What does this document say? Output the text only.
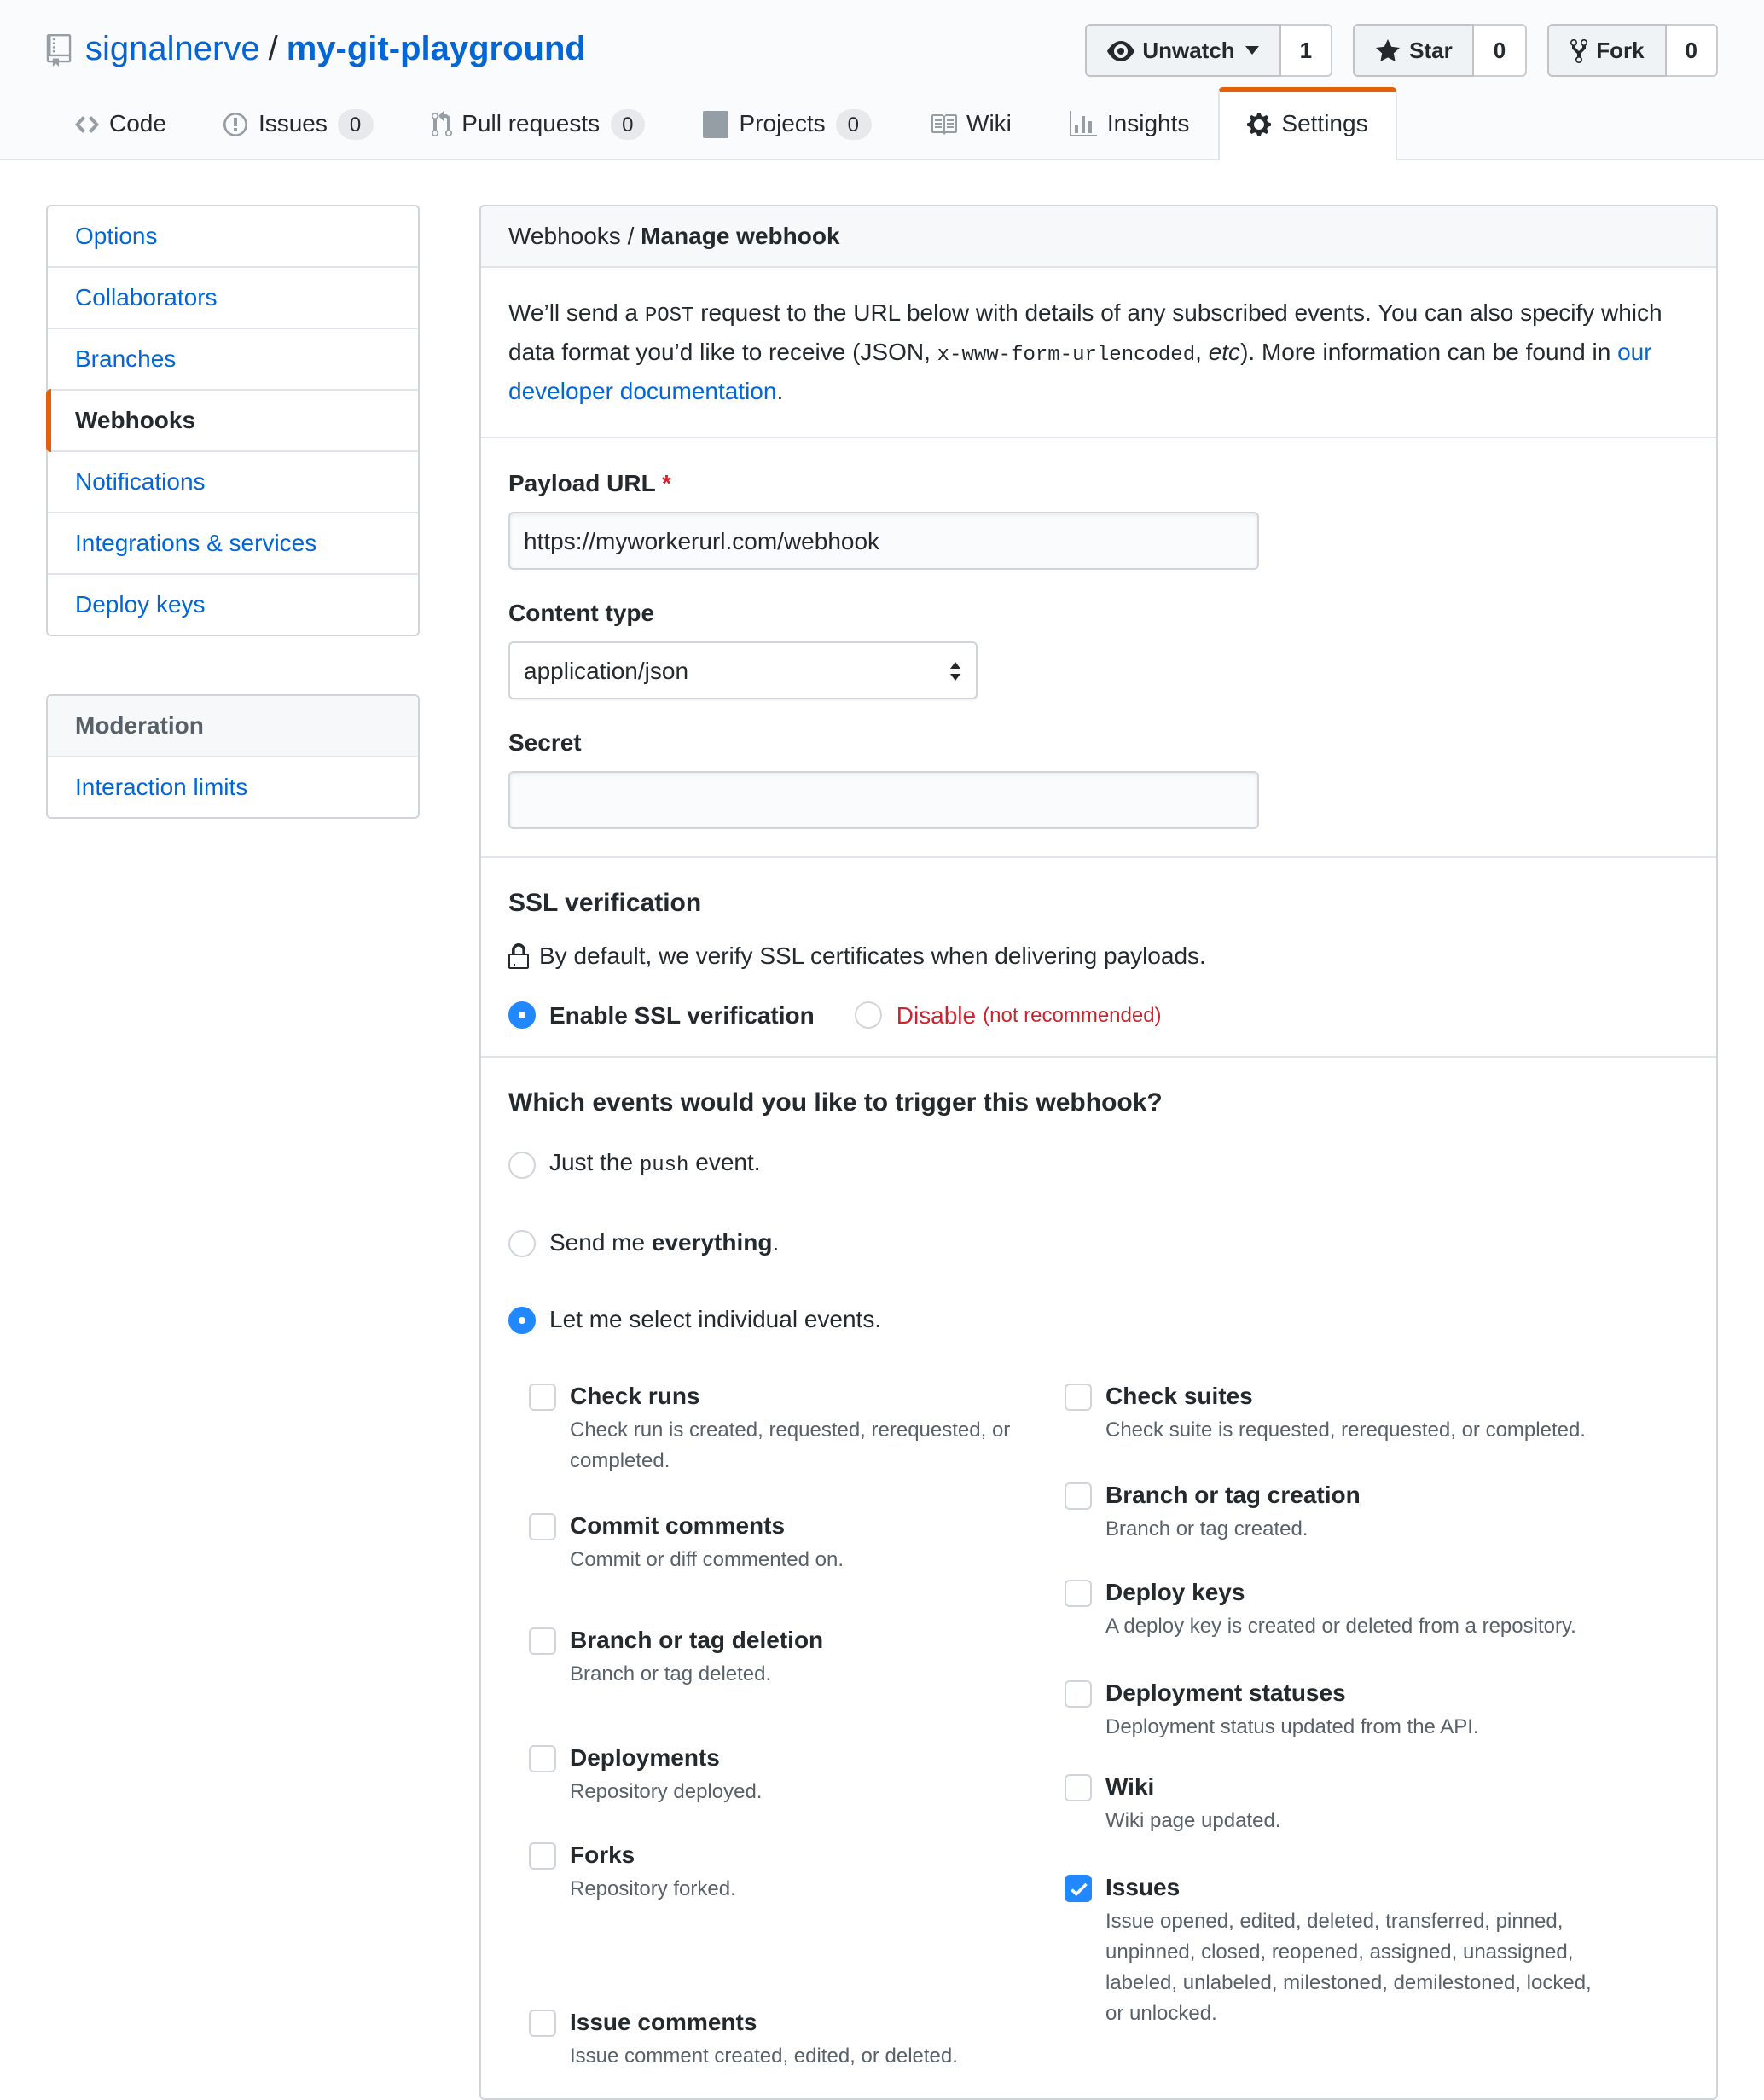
signalnerve / my-git-playground	Unwatch	1	Star	0	Fork	0
Code	Issues	0	Pull requests	0	Projects	0	Wiki	Insights	Settings
Options
Collaborators
Branches
Webhooks
Notifications
Integrations & services
Deploy keys
Moderation
Interaction limits
Webhooks / Manage webhook

We’ll send a POST request to the URL below with details of any subscribed events. You can also specify which data format you’d like to receive (JSON, x-www-form-urlencoded, etc). More information can be found in our developer documentation.

Payload URL *
https://myworkerurl.com/webhook
Content type
application/json
Secret
SSL verification
By default, we verify SSL certificates when delivering payloads.
Enable SSL verification	Disable (not recommended)
Which events would you like to trigger this webhook?
Just the push event.
Send me everything.
Let me select individual events.
Check runs
Check run is created, requested, rerequested, or completed.
Commit comments
Commit or diff commented on.
Branch or tag deletion
Branch or tag deleted.
Deployments
Repository deployed.
Forks
Repository forked.
Issue comments
Issue comment created, edited, or deleted.
Check suites
Check suite is requested, rerequested, or completed.
Branch or tag creation
Branch or tag created.
Deploy keys
A deploy key is created or deleted from a repository.
Deployment statuses
Deployment status updated from the API.
Wiki
Wiki page updated.
Issues
Issue opened, edited, deleted, transferred, pinned, unpinned, closed, reopened, assigned, unassigned, labeled, unlabeled, milestoned, demilestoned, locked, or unlocked.
